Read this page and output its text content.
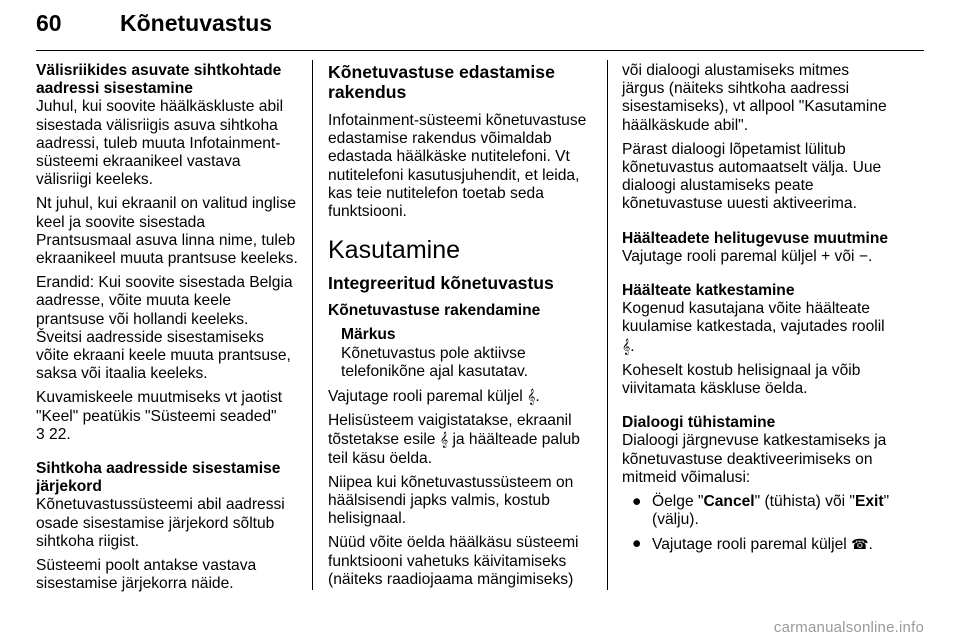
60	Kõnetuvastus

Välisriikides asuvate sihtkohtade
aadressi sisestamine

Juhul, kui soovite häälkäskluste abil sisestada välisriigis asuva sihtkoha aadressi, tuleb muuta Infotainment-süsteemi ekraanikeel vastava välisriigi keeleks.

Nt juhul, kui ekraanil on valitud inglise keel ja soovite sisestada Prantsusmaal asuva linna nime, tuleb ekraanikeel muuta prantsuse keeleks.

Erandid: Kui soovite sisestada Belgia aadresse, võite muuta keele prantsuse või hollandi keeleks. Šveitsi aadresside sisestamiseks võite ekraani keele muuta prantsuse, saksa või itaalia keeleks.

Kuvamiskeele muutmiseks vt jaotist "Keel" peatükis "Süsteemi seaded"
3 22.

Sihtkoha aadresside sisestamise
järjekord

Kõnetuvastussüsteemi abil aadressi osade sisestamise järjekord sõltub sihtkoha riigist.

Süsteemi poolt antakse vastava sisestamise järjekorra näide.

Kõnetuvastuse edastamise rakendus

Infotainment-süsteemi kõnetuvastuse edastamise rakendus võimaldab edastada häälkäske nutitelefoni. Vt nutitelefoni kasutusjuhendit, et leida, kas teie nutitelefon toetab seda funktsiooni.

Kasutamine

Integreeritud kõnetuvastus

Kõnetuvastuse rakendamine

Märkus
Kõnetuvastus pole aktiivse telefonikõne ajal kasutatav.

Vajutage rooli paremal küljel 𝄞.

Helisüsteem vaigistatakse, ekraanil tõstetakse esile 𝄞 ja häälteade palub teil käsu öelda.

Niipea kui kõnetuvastussüsteem on häälsisendi japks valmis, kostub helisignaal.

Nüüd võite öelda häälkäsu süsteemi funktsiooni vahetuks käivitamiseks (näiteks raadiojaama mängimiseks)

või dialoogi alustamiseks mitmes järgus (näiteks sihtkoha aadressi sisestamiseks), vt allpool "Kasutamine häälkäskude abil".

Pärast dialoogi lõpetamist lülitub kõnetuvastus automaatselt välja. Uue dialoogi alustamiseks peate kõnetuvastuse uuesti aktiveerima.

Häälteadete helitugevuse muutmine

Vajutage rooli paremal küljel + või −.

Häälteate katkestamine

Kogenud kasutajana võite häälteate kuulamise katkestada, vajutades roolil 𝄞.

Koheselt kostub helisignaal ja võib viivitamata käskluse öelda.

Dialoogi tühistamine

Dialoogi järgnevuse katkestamiseks ja kõnetuvastuse deaktiveerimiseks on mitmeid võimalusi:

● Öelge "Cancel" (tühista) või "Exit" (välju).
● Vajutage rooli paremal küljel ☎.
carmanualsonline.info
